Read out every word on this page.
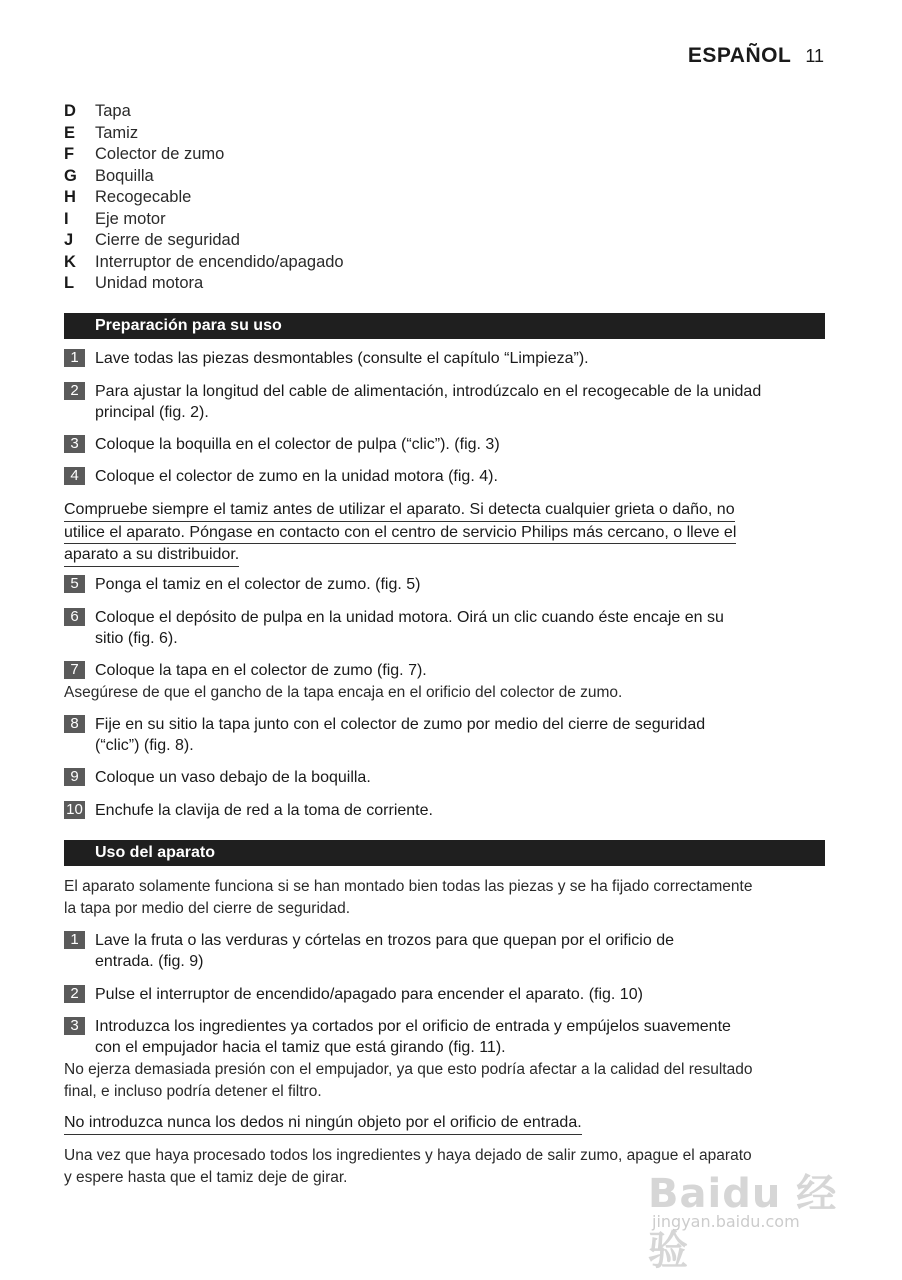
ESPAÑOL 11
D	Tapa
E	Tamiz
F	Colector de zumo
G	Boquilla
H	Recogecable
I	Eje motor
J	Cierre de seguridad
K	Interruptor de encendido/apagado
L	Unidad motora
Preparación para su uso
1	Lave todas las piezas desmontables (consulte el capítulo “Limpieza”).
2	Para ajustar la longitud del cable de alimentación, introdúzcalo en el recogecable de la unidad
principal (fig. 2).
3	Coloque la boquilla en el colector de pulpa (“clic”). (fig. 3)
4	Coloque el colector de zumo en la unidad motora (fig. 4).
Compruebe siempre el tamiz antes de utilizar el aparato. Si detecta cualquier grieta o daño, no
utilice el aparato. Póngase en contacto con el centro de servicio Philips más cercano, o lleve el
aparato a su distribuidor.
5	Ponga el tamiz en el colector de zumo. (fig. 5)
6	Coloque el depósito de pulpa en la unidad motora. Oirá un clic cuando éste encaje en su
sitio (fig. 6).
7	Coloque la tapa en el colector de zumo (fig. 7).
Asegúrese de que el gancho de la tapa encaja en el orificio del colector de zumo.
8	Fije en su sitio la tapa junto con el colector de zumo por medio del cierre de seguridad
(“clic”) (fig. 8).
9	Coloque un vaso debajo de la boquilla.
10 Enchufe la clavija de red a la toma de corriente.
Uso del aparato
El aparato solamente funciona si se han montado bien todas las piezas y se ha fijado correctamente
la tapa por medio del cierre de seguridad.
1	Lave la fruta o las verduras y córtelas en trozos para que quepan por el orificio de
entrada. (fig. 9)
2	Pulse el interruptor de encendido/apagado para encender el aparato. (fig. 10)
3	Introduzca los ingredientes ya cortados por el orificio de entrada y empújelos suavemente
con el empujador hacia el tamiz que está girando (fig. 11).
No ejerza demasiada presión con el empujador, ya que esto podría afectar a la calidad del resultado
final, e incluso podría detener el filtro.
No introduzca nunca los dedos ni ningún objeto por el orificio de entrada.
Una vez que haya procesado todos los ingredientes y haya dejado de salir zumo, apague el aparato
y espere hasta que el tamiz deje de girar.	Baidu 经验
jingyan.baidu.com
